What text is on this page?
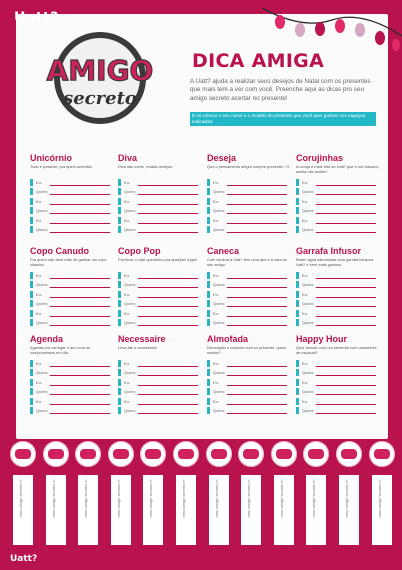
Uatt?
AMIGO
secreto
DICA AMIGA
A Uatt? ajuda a realizar seus desejos de Natal com os presentes que mais tem a ver com você. Preenche aqui as dicas pro seu amigo secreto acertar no presente!
É só colocar o seu nome e o modelo do presente que você quer ganhar nos espaços indicados!
Unicórnio
Tudo é possível, pra quem acredita!
Eu:
Quero:
Eu:
Quero:
Eu:
Quero:
Diva
Diva não come, realiza desejos.
Eu:
Quero:
Eu:
Quero:
Eu:
Quero:
Deseja
Que o pensamento alegre compre presente! <3
Eu:
Quero:
Eu:
Quero:
Eu:
Quero:
Corujinhas
A coruja é mais fofa do Uatt? que é um clássico, aceita não aceita?
Eu:
Quero:
Eu:
Quero:
Eu:
Quero:
Copo Canudo
Pra quem não abre mão de ganhar um copo clássico.
Eu:
Quero:
Eu:
Quero:
Eu:
Quero:
Copo Pop
Pra levar o café quentinho pra qualquer lugar!
Eu:
Quero:
Eu:
Quero:
Eu:
Quero:
Caneca
Com certeza a Uatt? tem uma que é a cara do seu amigo.
Eu:
Quero:
Eu:
Quero:
Eu:
Quero:
Garrafa Infusor
Beber água saborizada uma garrafa infusora Uatt? é bem mais gostoso.
Eu:
Quero:
Eu:
Quero:
Eu:
Quero:
Agenda
Agenda pra carregar o ano com os compromissos em dia.
Eu:
Quero:
Eu:
Quero:
Eu:
Quero:
Necessaire
Leva até o necessário!
Eu:
Quero:
Eu:
Quero:
Eu:
Quero:
Almofada
Decoração e conforto num só presente, quem resiste?
Eu:
Quero:
Eu:
Quero:
Eu:
Quero:
Happy Hour
Quer brindar com um presente com umaolente de espacial?
Eu:
Quero:
Eu:
Quero:
Eu:
Quero:
meu amigo secreto é:	meu amigo secreto é:	meu amigo secreto é:	meu amigo secreto é:	meu amigo secreto é:	meu amigo secreto é:	meu amigo secreto é:	meu amigo secreto é:	meu amigo secreto é:	meu amigo secreto é:	meu amigo secreto é:	meu amigo secreto é:
Uatt?
